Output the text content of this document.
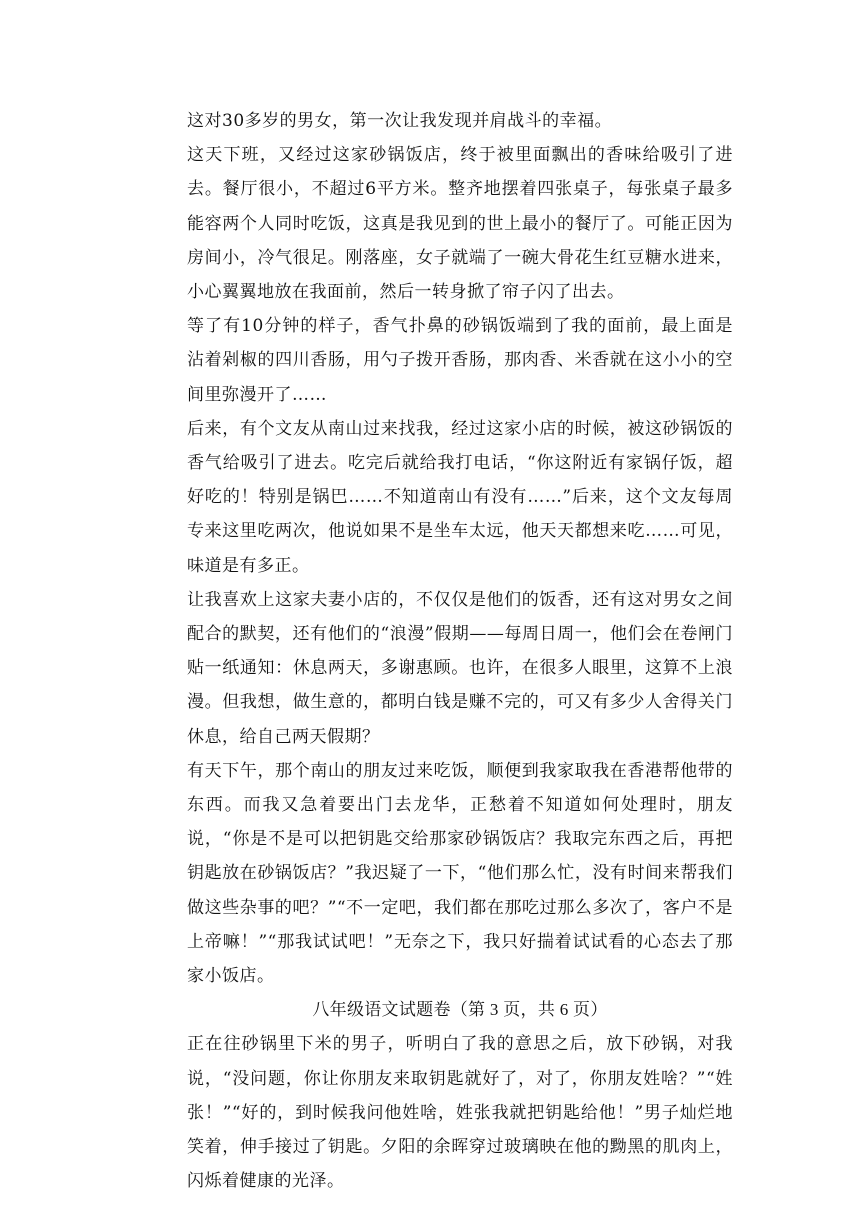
这对30多岁的男女，第一次让我发现并肩战斗的幸福。

这天下班，又经过这家砂锅饭店，终于被里面飘出的香味给吸引了进去。餐厅很小，不超过6平方米。整齐地摆着四张桌子，每张桌子最多能容两个人同时吃饭，这真是我见到的世上最小的餐厅了。可能正因为房间小，冷气很足。刚落座，女子就端了一碗大骨花生红豆糖水进来，小心翼翼地放在我面前，然后一转身掀了帘子闪了出去。

等了有10分钟的样子，香气扑鼻的砂锅饭端到了我的面前，最上面是沾着剁椒的四川香肠，用勺子拨开香肠，那肉香、米香就在这小小的空间里弥漫开了……

后来，有个文友从南山过来找我，经过这家小店的时候，被这砂锅饭的香气给吸引了进去。吃完后就给我打电话，“你这附近有家锅仔饭，超好吃的！特别是锅巴……不知道南山有没有……”后来，这个文友每周专来这里吃两次，他说如果不是坐车太远，他天天都想来吃……可见，味道是有多正。

让我喜欢上这家夫妻小店的，不仅仅是他们的饭香，还有这对男女之间配合的默契，还有他们的“浪漫”假期——每周日周一，他们会在卷闸门贴一纸通知：休息两天，多谢惠顾。也许，在很多人眼里，这算不上浪漫。但我想，做生意的，都明白钱是赚不完的，可又有多少人舍得关门休息，给自己两天假期？

有天下午，那个南山的朋友过来吃饭，顺便到我家取我在香港帮他带的东西。而我又急着要出门去龙华，正愁着不知道如何处理时，朋友说，“你是不是可以把钥匙交给那家砂锅饭店？我取完东西之后，再把钥匙放在砂锅饭店？”我迟疑了一下，“他们那么忙，没有时间来帮我们做这些杂事的吧？”“不一定吧，我们都在那吃过那么多次了，客户不是上帝嘛！”“那我试试吧！”无奈之下，我只好揣着试试看的心态去了那家小饭店。

八年级语文试题卷（第 3 页，共 6 页）

正在往砂锅里下米的男子，听明白了我的意思之后，放下砂锅，对我说，“没问题，你让你朋友来取钥匙就好了，对了，你朋友姓啥？”“姓张！”“好的，到时候我问他姓啥，姓张我就把钥匙给他！”男子灿烂地笑着，伸手接过了钥匙。夕阳的余晖穿过玻璃映在他的黝黑的肌肉上，闪烁着健康的光泽。
